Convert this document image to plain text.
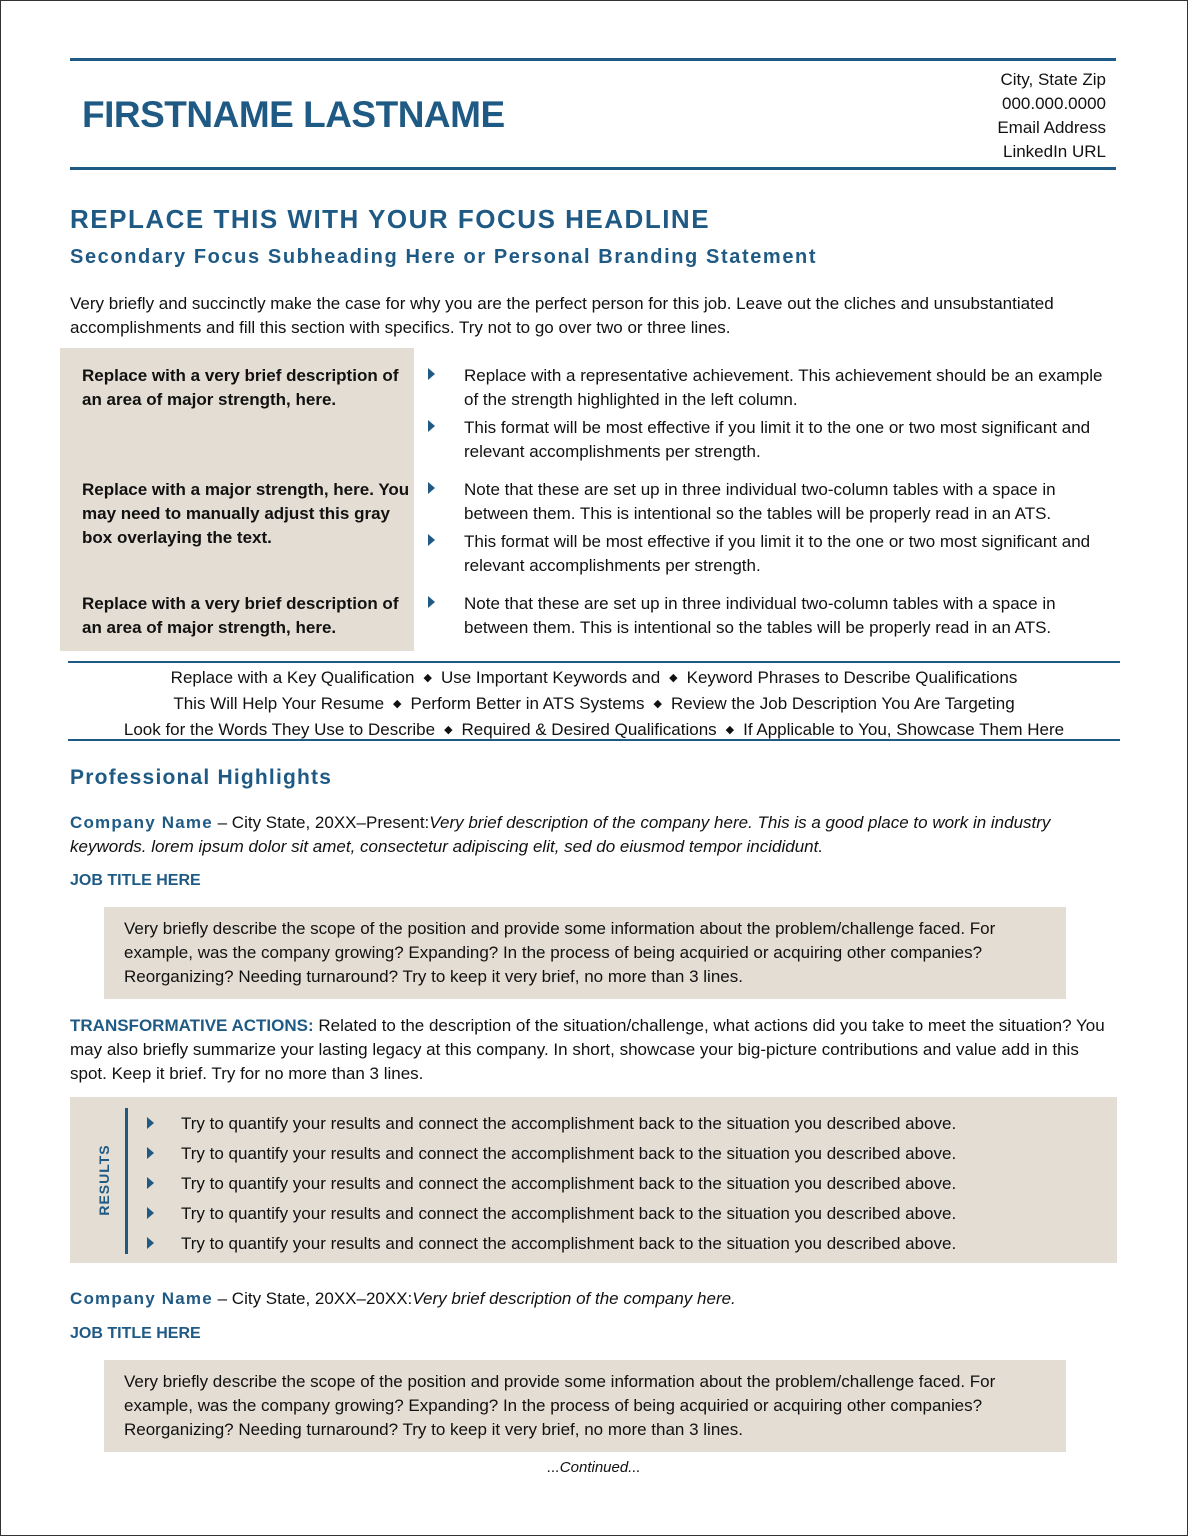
FIRSTNAME LASTNAME
City, State Zip
000.000.0000
Email Address
LinkedIn URL
REPLACE THIS WITH YOUR FOCUS HEADLINE
Secondary Focus Subheading Here or Personal Branding Statement
Very briefly and succinctly make the case for why you are the perfect person for this job. Leave out the cliches and unsubstantiated accomplishments and fill this section with specifics. Try not to go over two or three lines.
Replace with a very brief description of an area of major strength, here.
Replace with a representative achievement. This achievement should be an example of the strength highlighted in the left column.
This format will be most effective if you limit it to the one or two most significant and relevant accomplishments per strength.
Replace with a major strength, here. You may need to manually adjust this gray box overlaying the text.
Note that these are set up in three individual two-column tables with a space in between them. This is intentional so the tables will be properly read in an ATS.
This format will be most effective if you limit it to the one or two most significant and relevant accomplishments per strength.
Replace with a very brief description of an area of major strength, here.
Note that these are set up in three individual two-column tables with a space in between them. This is intentional so the tables will be properly read in an ATS.
Replace with a Key Qualification ◆ Use Important Keywords and ◆ Keyword Phrases to Describe Qualifications
This Will Help Your Resume ◆ Perform Better in ATS Systems ◆ Review the Job Description You Are Targeting
Look for the Words They Use to Describe ◆ Required & Desired Qualifications ◆ If Applicable to You, Showcase Them Here
Professional Highlights
Company Name – City State, 20XX–Present:Very brief description of the company here. This is a good place to work in industry keywords. lorem ipsum dolor sit amet, consectetur adipiscing elit, sed do eiusmod tempor incididunt.
JOB TITLE HERE
Very briefly describe the scope of the position and provide some information about the problem/challenge faced. For example, was the company growing? Expanding? In the process of being acquiried or acquiring other companies? Reorganizing? Needing turnaround? Try to keep it very brief, no more than 3 lines.
TRANSFORMATIVE ACTIONS: Related to the description of the situation/challenge, what actions did you take to meet the situation? You may also briefly summarize your lasting legacy at this company. In short, showcase your big-picture contributions and value add in this spot. Keep it brief. Try for no more than 3 lines.
RESULTS
Try to quantify your results and connect the accomplishment back to the situation you described above.
Try to quantify your results and connect the accomplishment back to the situation you described above.
Try to quantify your results and connect the accomplishment back to the situation you described above.
Try to quantify your results and connect the accomplishment back to the situation you described above.
Try to quantify your results and connect the accomplishment back to the situation you described above.
Company Name – City State, 20XX–20XX:Very brief description of the company here.
JOB TITLE HERE
Very briefly describe the scope of the position and provide some information about the problem/challenge faced. For example, was the company growing? Expanding? In the process of being acquiried or acquiring other companies? Reorganizing? Needing turnaround? Try to keep it very brief, no more than 3 lines.
...Continued...
